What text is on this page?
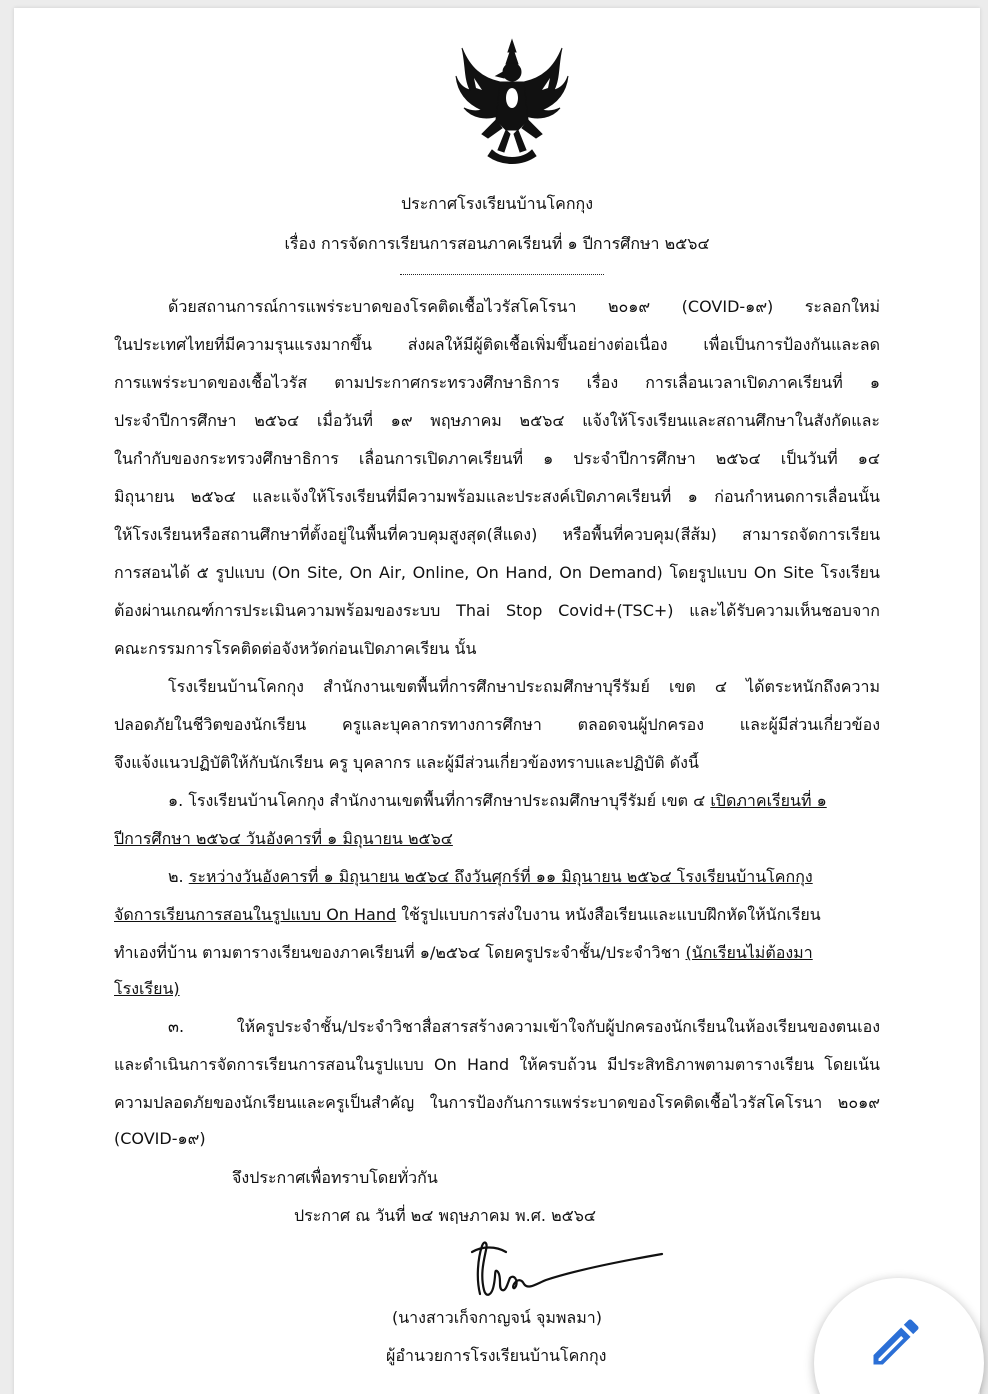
ประกาศโรงเรียนบ้านโคกกุง
เรื่อง การจัดการเรียนการสอนภาคเรียนที่ ๑ ปีการศึกษา ๒๕๖๔
ด้วยสถานการณ์การแพร่ระบาดของโรคติดเชื้อไวรัสโคโรนา ๒๐๑๙ (COVID-๑๙) ระลอกใหม่
ในประเทศไทยที่มีความรุนแรงมากขึ้น ส่งผลให้มีผู้ติดเชื้อเพิ่มขึ้นอย่างต่อเนื่อง เพื่อเป็นการป้องกันและลด
การแพร่ระบาดของเชื้อไวรัส ตามประกาศกระทรวงศึกษาธิการ เรื่อง การเลื่อนเวลาเปิดภาคเรียนที่ ๑
ประจำปีการศึกษา ๒๕๖๔ เมื่อวันที่ ๑๙ พฤษภาคม ๒๕๖๔ แจ้งให้โรงเรียนและสถานศึกษาในสังกัดและ
ในกำกับของกระทรวงศึกษาธิการ เลื่อนการเปิดภาคเรียนที่ ๑ ประจำปีการศึกษา ๒๕๖๔ เป็นวันที่ ๑๔
มิถุนายน ๒๕๖๔ และแจ้งให้โรงเรียนที่มีความพร้อมและประสงค์เปิดภาคเรียนที่ ๑ ก่อนกำหนดการเลื่อนนั้น
ให้โรงเรียนหรือสถานศึกษาที่ตั้งอยู่ในพื้นที่ควบคุมสูงสุด(สีแดง) หรือพื้นที่ควบคุม(สีส้ม) สามารถจัดการเรียน
การสอนได้ ๕ รูปแบบ (On Site, On Air, Online, On Hand, On Demand) โดยรูปแบบ On Site โรงเรียน
ต้องผ่านเกณฑ์การประเมินความพร้อมของระบบ Thai Stop Covid+(TSC+) และได้รับความเห็นชอบจาก
คณะกรรมการโรคติดต่อจังหวัดก่อนเปิดภาคเรียน นั้น
โรงเรียนบ้านโคกกุง สำนักงานเขตพื้นที่การศึกษาประถมศึกษาบุรีรัมย์ เขต ๔ ได้ตระหนักถึงความ
ปลอดภัยในชีวิตของนักเรียน ครูและบุคลากรทางการศึกษา ตลอดจนผู้ปกครอง และผู้มีส่วนเกี่ยวข้อง
จึงแจ้งแนวปฏิบัติให้กับนักเรียน ครู บุคลากร และผู้มีส่วนเกี่ยวข้องทราบและปฏิบัติ ดังนี้
๑. โรงเรียนบ้านโคกกุง สำนักงานเขตพื้นที่การศึกษาประถมศึกษาบุรีรัมย์ เขต ๔ เปิดภาคเรียนที่ ๑
ปีการศึกษา ๒๕๖๔ วันอังคารที่ ๑ มิถุนายน ๒๕๖๔
๒. ระหว่างวันอังคารที่ ๑ มิถุนายน ๒๕๖๔ ถึงวันศุกร์ที่ ๑๑ มิถุนายน ๒๕๖๔ โรงเรียนบ้านโคกกุง
จัดการเรียนการสอนในรูปแบบ On Hand ใช้รูปแบบการส่งใบงาน หนังสือเรียนและแบบฝึกหัดให้นักเรียน
ทำเองที่บ้าน ตามตารางเรียนของภาคเรียนที่ ๑/๒๕๖๔ โดยครูประจำชั้น/ประจำวิชา (นักเรียนไม่ต้องมา
โรงเรียน)
๓. ให้ครูประจำชั้น/ประจำวิชาสื่อสารสร้างความเข้าใจกับผู้ปกครองนักเรียนในห้องเรียนของตนเอง
และดำเนินการจัดการเรียนการสอนในรูปแบบ On Hand ให้ครบถ้วน มีประสิทธิภาพตามตารางเรียน โดยเน้น
ความปลอดภัยของนักเรียนและครูเป็นสำคัญ ในการป้องกันการแพร่ระบาดของโรคติดเชื้อไวรัสโคโรนา ๒๐๑๙
(COVID-๑๙)
จึงประกาศเพื่อทราบโดยทั่วกัน
ประกาศ ณ วันที่ ๒๔ พฤษภาคม พ.ศ. ๒๕๖๔
(นางสาวเก็จกาญจน์ จุมพลมา)
ผู้อำนวยการโรงเรียนบ้านโคกกุง
